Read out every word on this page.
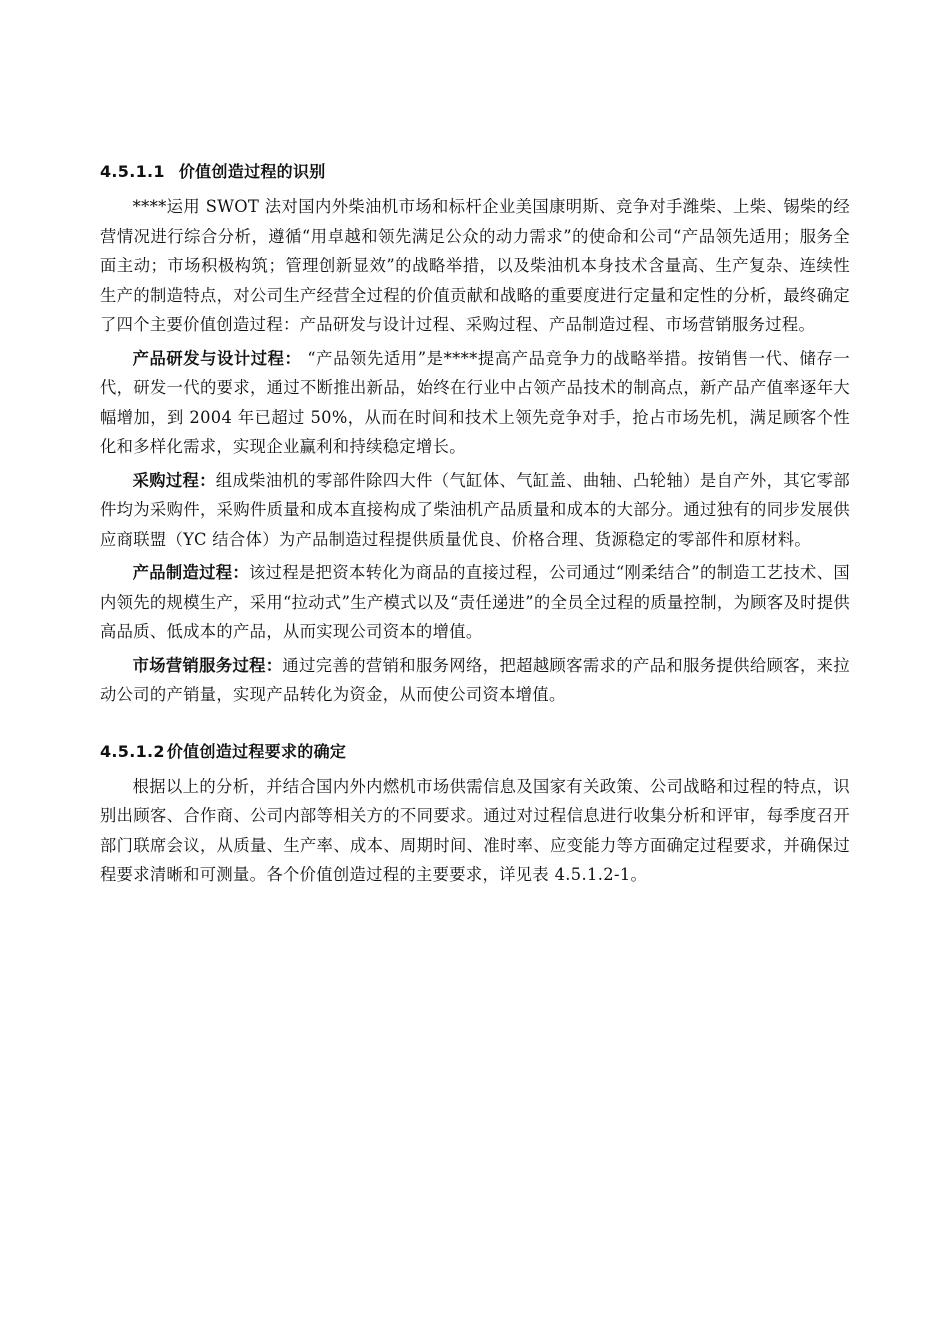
4.5.1.1 价值创造过程的识别

****运用 SWOT 法对国内外柴油机市场和标杆企业美国康明斯、竞争对手潍柴、上柴、锡柴的经营情况进行综合分析，遵循“用卓越和领先满足公众的动力需求”的使命和公司“产品领先适用；服务全面主动；市场积极构筑；管理创新显效”的战略举措，以及柴油机本身技术含量高、生产复杂、连续性生产的制造特点，对公司生产经营全过程的价值贡献和战略的重要度进行定量和定性的分析，最终确定了四个主要价值创造过程：产品研发与设计过程、采购过程、产品制造过程、市场营销服务过程。

产品研发与设计过程： “产品领先适用”是****提高产品竞争力的战略举措。按销售一代、储存一代，研发一代的要求，通过不断推出新品，始终在行业中占领产品技术的制高点，新产品产值率逐年大幅增加，到 2004 年已超过 50%，从而在时间和技术上领先竞争对手，抢占市场先机，满足顾客个性化和多样化需求，实现企业赢利和持续稳定增长。

采购过程：组成柴油机的零部件除四大件（气缸体、气缸盖、曲轴、凸轮轴）是自产外，其它零部件均为采购件，采购件质量和成本直接构成了柴油机产品质量和成本的大部分。通过独有的同步发展供应商联盟（YC 结合体）为产品制造过程提供质量优良、价格合理、货源稳定的零部件和原材料。

产品制造过程：该过程是把资本转化为商品的直接过程，公司通过“刚柔结合”的制造工艺技术、国内领先的规模生产，采用“拉动式”生产模式以及“责任递进”的全员全过程的质量控制，为顾客及时提供高品质、低成本的产品，从而实现公司资本的增值。

市场营销服务过程：通过完善的营销和服务网络，把超越顾客需求的产品和服务提供给顾客，来拉动公司的产销量，实现产品转化为资金，从而使公司资本增值。

4.5.1.2 价值创造过程要求的确定

根据以上的分析，并结合国内外内燃机市场供需信息及国家有关政策、公司战略和过程的特点，识别出顾客、合作商、公司内部等相关方的不同要求。通过对过程信息进行收集分析和评审，每季度召开部门联席会议，从质量、生产率、成本、周期时间、准时率、应变能力等方面确定过程要求，并确保过程要求清晰和可测量。各个价值创造过程的主要要求，详见表 4.5.1.2-1。
